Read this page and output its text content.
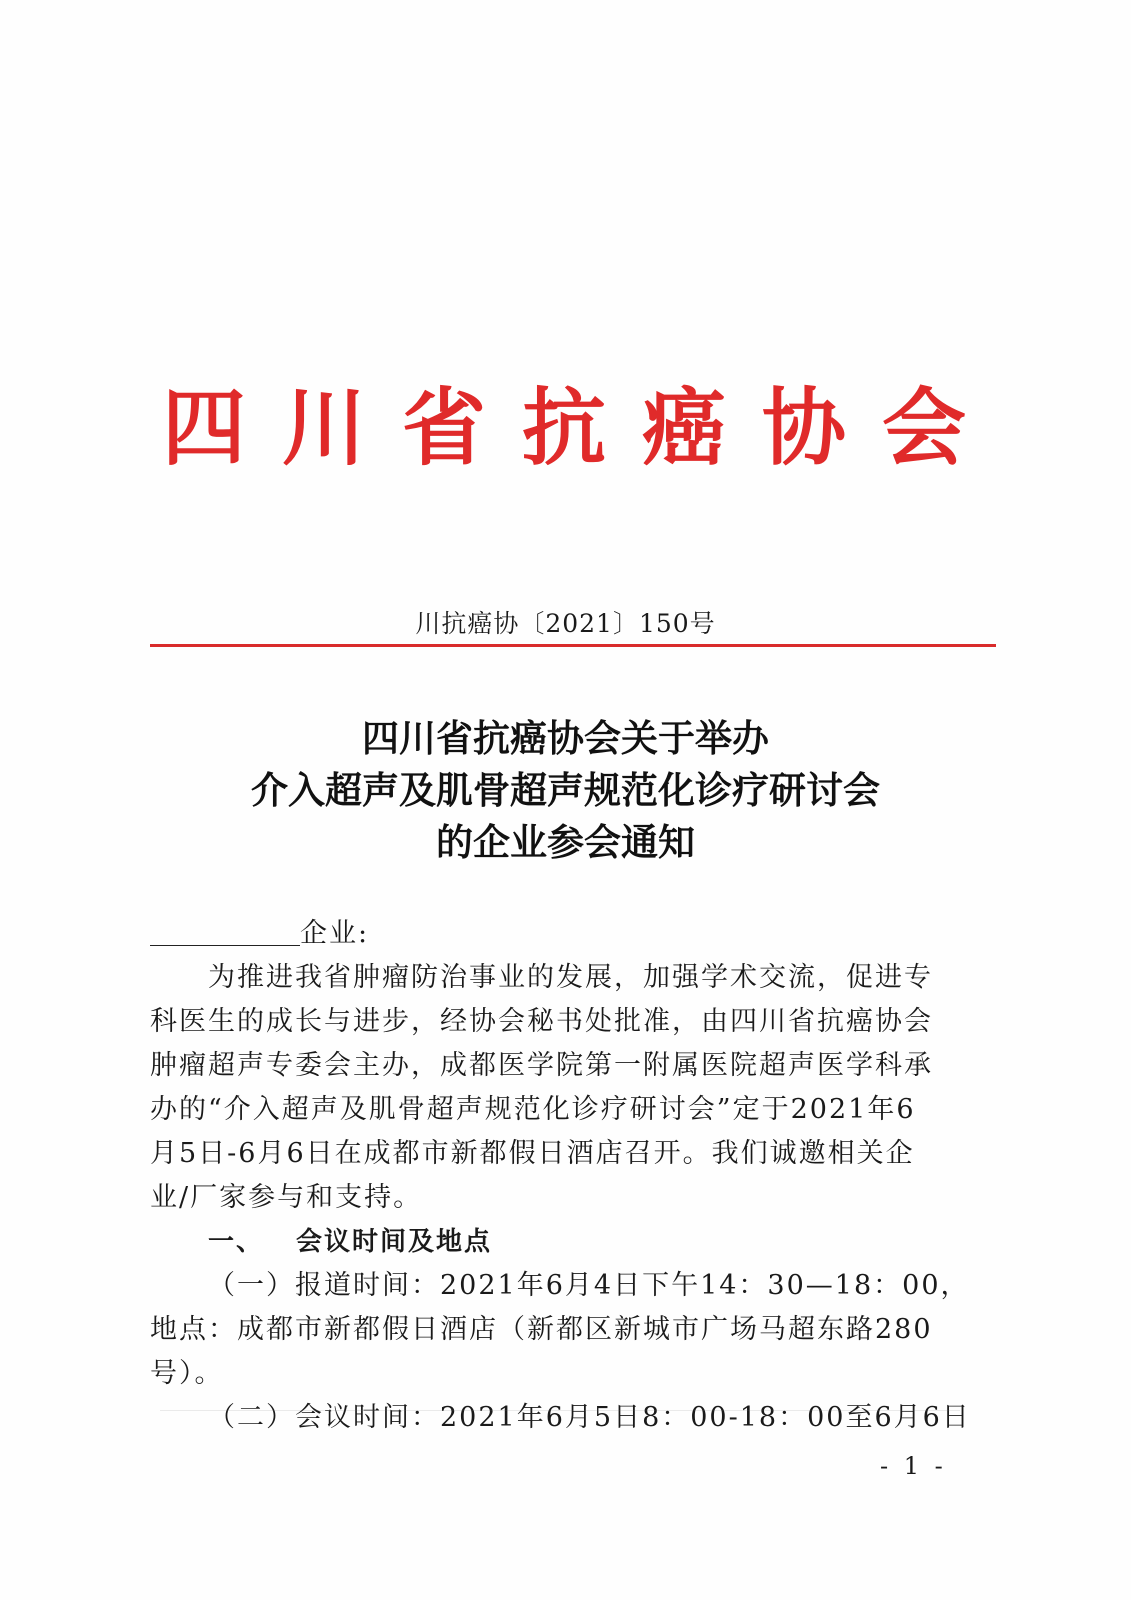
四川省抗癌协会
川抗癌协〔2021〕150号
四川省抗癌协会关于举办
介入超声及肌骨超声规范化诊疗研讨会
的企业参会通知
企业:
为推进我省肿瘤防治事业的发展，加强学术交流，促进专
科医生的成长与进步，经协会秘书处批准，由四川省抗癌协会
肿瘤超声专委会主办，成都医学院第一附属医院超声医学科承
办的“介入超声及肌骨超声规范化诊疗研讨会”定于2021年6
月5日-6月6日在成都市新都假日酒店召开。我们诚邀相关企
业/厂家参与和支持。
一、 会议时间及地点
（一）报道时间：2021年6月4日下午14：30—18：00，
地点：成都市新都假日酒店（新都区新城市广场马超东路280
号）。
（二）会议时间：2021年6月5日8：00-18：00至6月6日
- 1 -
